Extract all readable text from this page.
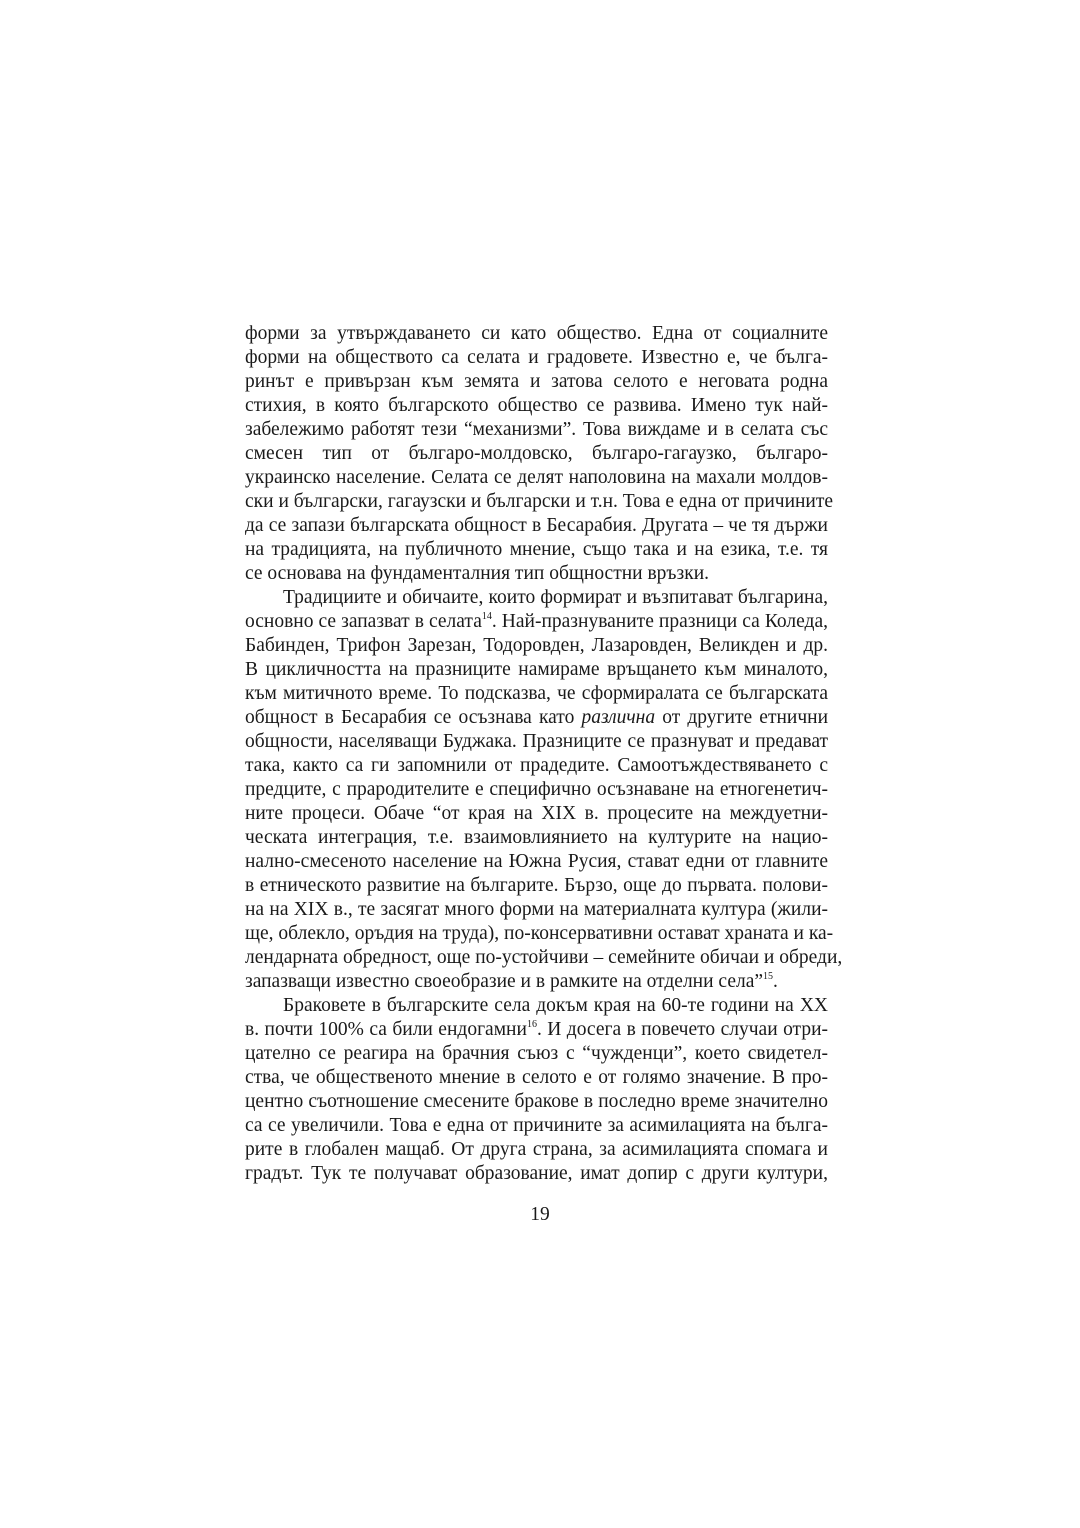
форми за утвърждаването си като общество. Една от социалните
форми на обществото са селата и градовете. Известно е, че бълга-
ринът е привързан към земята и затова селото е неговата родна
стихия, в която българското общество се развива. Имено тук най-
забележимо работят тези “механизми”. Това виждаме и в селата със
смесен тип от българо-молдовско, българо-гагаузко, българо-
украинско население. Селата се делят наполовина на махали молдов-
ски и български, гагаузски и български и т.н. Това е една от причините
да се запази българската общност в Бесарабия. Другата – че тя държи
на традицията, на публичното мнение, също така и на езика, т.е. тя
се основава на фундаменталния тип общностни връзки.
Традициите и обичаите, които формират и възпитават българина,
основно се запазват в селата$^{14}$. Най-празнуваните празници са Коледа,
Бабинден, Трифон Зарезан, Тодоровден, Лазаровден, Великден и др.
В цикличността на празниците намираме връщането към миналото,
към митичното време. То подсказва, че сформиралата се българската
общност в Бесарабия се осъзнава като различна от другите етнични
общности, населяващи Буджака. Празниците се празнуват и предават
така, както са ги запомнили от прадедите. Самоотъждествяването с
предците, с прародителите е специфично осъзнаване на етногенетич-
ните процеси. Обаче “от края на XIX в. процесите на междуетни-
ческата интеграция, т.е. взаимовлиянието на културите на нацио-
нално-смесеното население на Южна Русия, стават едни от главните
в етническото развитие на българите. Бързо, още до първата. полови-
на на XIX в., те засягат много форми на материалната култура (жили-
ще, облекло, оръдия на труда), по-консервативни остават храната и ка-
лендарната обредност, още по-устойчиви – семейните обичаи и обреди,
запазващи известно своеобразие и в рамките на отделни села”$^{15}$.
Браковете в българските села докъм края на 60-те години на XX
в. почти 100% са били ендогамни$^{16}$. И досега в повечето случаи отри-
цателно се реагира на брачния съюз с “чужденци”, което свидетел-
ства, че общественото мнение в селото е от голямо значение. В про-
центно съотношение смесените бракове в последно време значително
са се увеличили. Това е една от причините за асимилацията на бълга-
рите в глобален мащаб. От друга страна, за асимилацията спомага и
градът. Тук те получават образование, имат допир с други култури,
19
